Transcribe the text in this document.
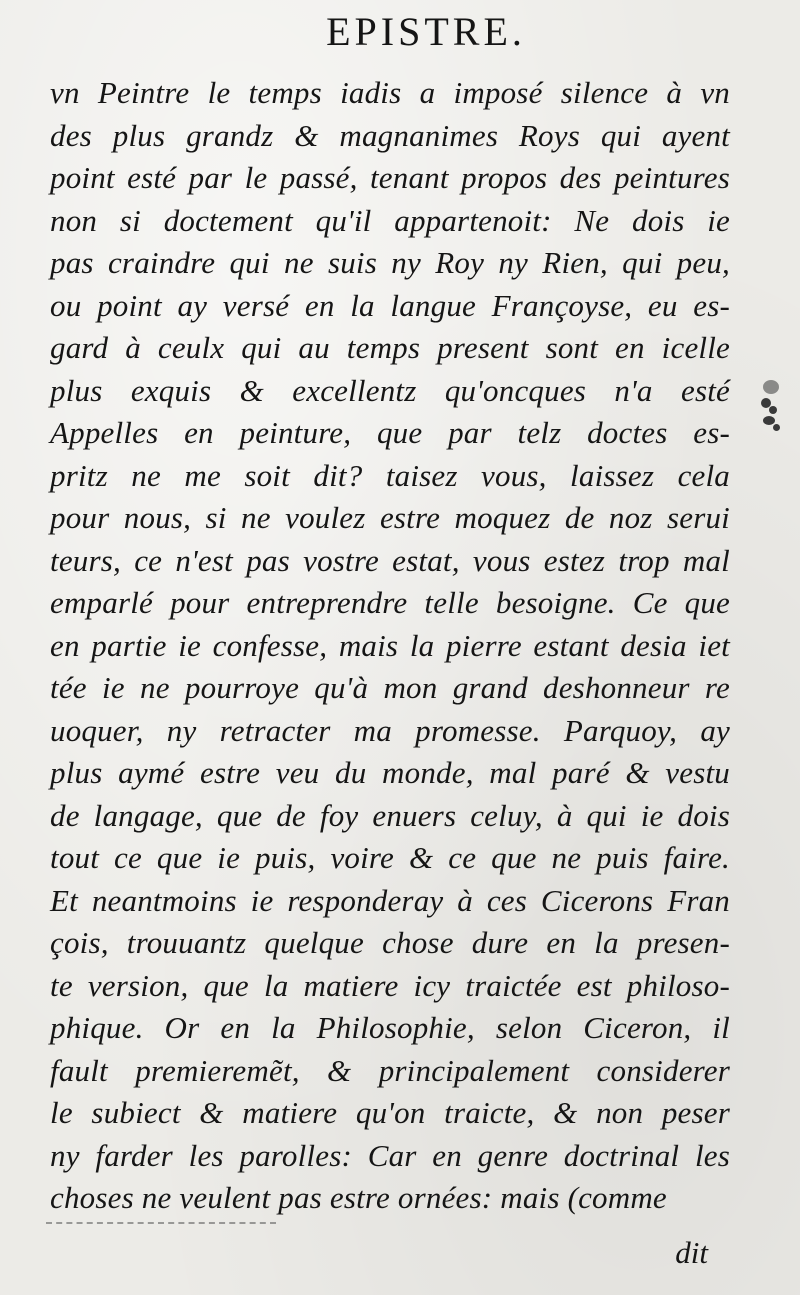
EPISTRE.
vn Peintre le temps iadis a imposé silence à vn
des plus grandz & magnanimes Roys qui ayent
point esté par le passé, tenant propos des peintures
non si doctement qu'il appartenoit: Ne dois ie
pas craindre qui ne suis ny Roy ny Rien, qui peu,
ou point ay versé en la langue Françoyse, eu es-
gard à ceulx qui au temps present sont en icelle
plus exquis & excellentz qu'oncques n'a esté
Appelles en peinture, que par telz doctes es-
pritz ne me soit dit? taisez vous, laissez cela
pour nous, si ne voulez estre moquez de noz serui
teurs, ce n'est pas vostre estat, vous estez trop mal
emparlé pour entreprendre telle besoigne. Ce que
en partie ie confesse, mais la pierre estant desia iet
tée ie ne pourroye qu'à mon grand deshonneur re
uoquer, ny retracter ma promesse. Parquoy, ay
plus aymé estre veu du monde, mal paré & vestu
de langage, que de foy enuers celuy, à qui ie dois
tout ce que ie puis, voire & ce que ne puis faire.
Et neantmoins ie responderay à ces Cicerons Fran
çois, trouuantz quelque chose dure en la presen-
te version, que la matiere icy traictée est philoso-
phique. Or en la Philosophie, selon Ciceron, il
fault premieremẽt, & principalement considerer
le subiect & matiere qu'on traicte, & non peser
ny farder les parolles: Car en genre doctrinal les
choses ne veulent pas estre ornées: mais (comme
dit
